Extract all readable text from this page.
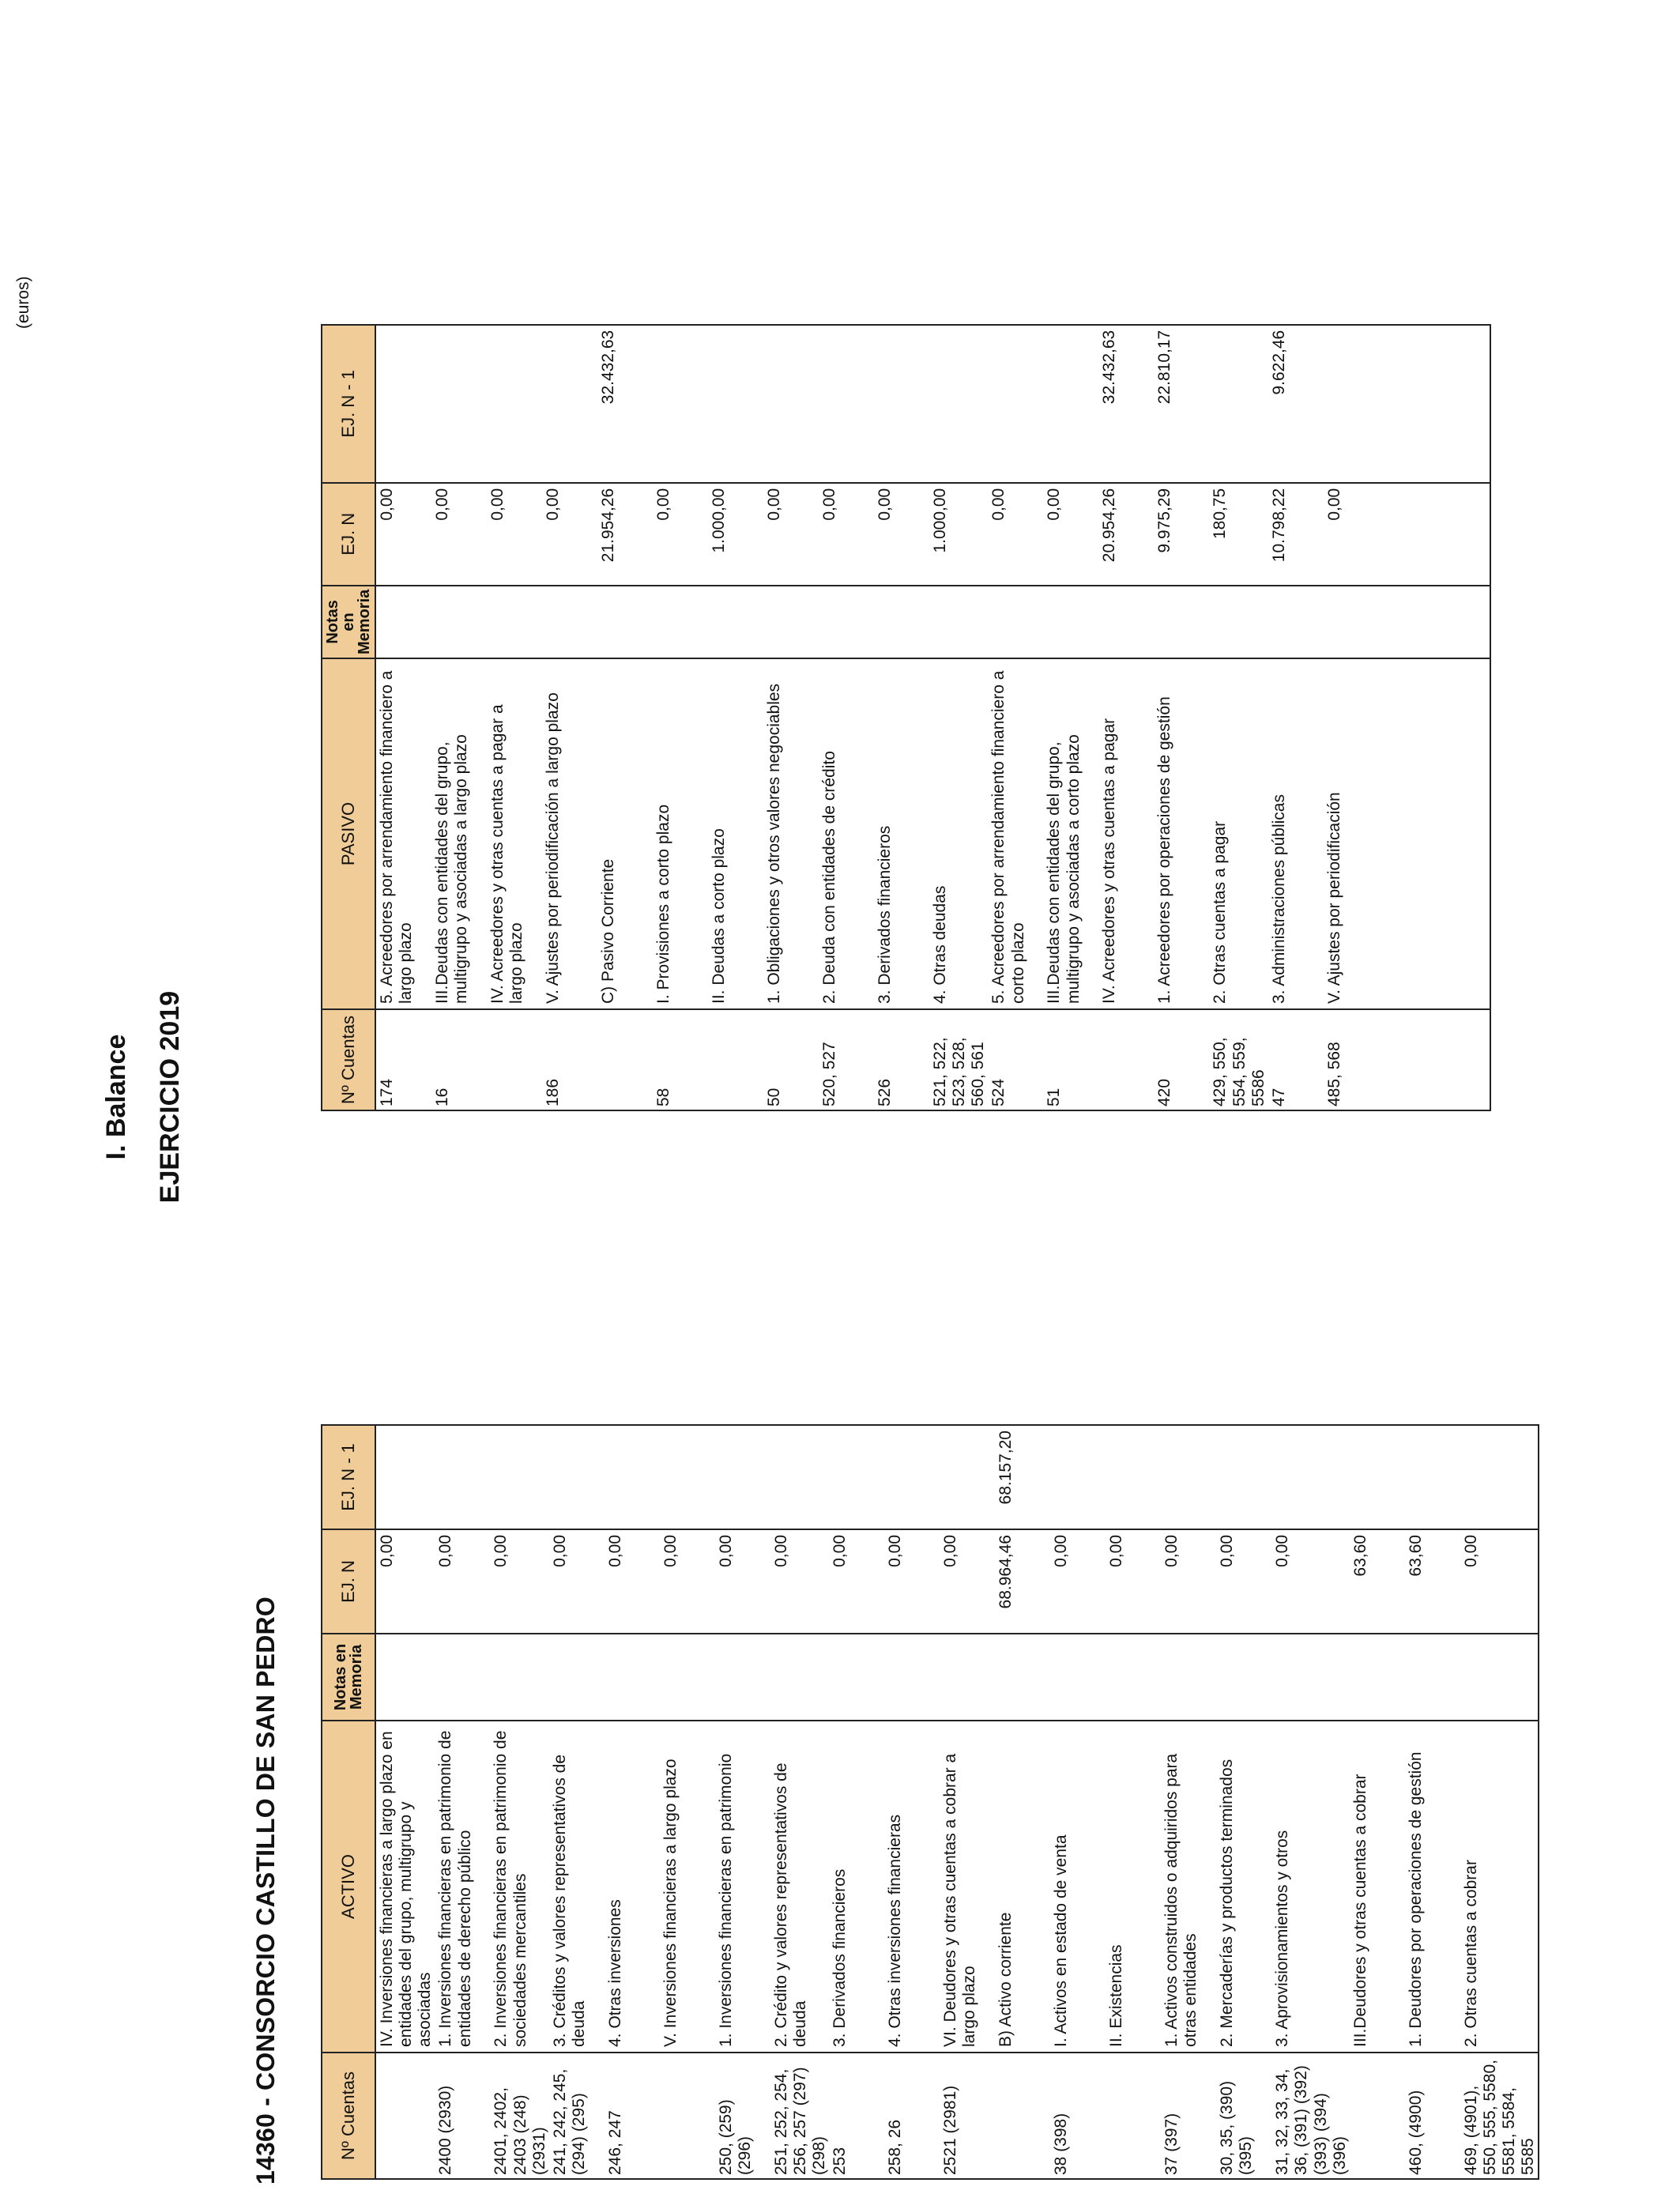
(euros)
I. Balance EJERCICIO 2019
14360 - CONSORCIO CASTILLO DE SAN PEDRO	Nº Cuentas	ACTIVO	Notas en Memoria	EJ. N	EJ. N - 1
	IV. Inversiones financieras a largo plazo en entidades del grupo, multigrupo y asociadas		0,00	
2400 (2930)	1. Inversiones financieras en patrimonio de entidades de derecho público		0,00	
2401, 2402, 2403 (248) (2931)	2. Inversiones financieras en patrimonio de sociedades mercantiles		0,00	
241, 242, 245, (294) (295)	3. Créditos y valores representativos de deuda		0,00	
246, 247	4. Otras inversiones		0,00	
	V. Inversiones financieras a largo plazo		0,00	
250, (259) (296)	1. Inversiones financieras en patrimonio		0,00	
251, 252, 254, 256, 257 (297) (298)	2. Crédito y valores representativos de deuda		0,00	
253	3. Derivados financieros		0,00	
258, 26	4. Otras inversiones financieras		0,00	
2521 (2981)	VI. Deudores y otras cuentas a cobrar a largo plazo		0,00	
	B) Activo corriente		68.964,46	68.157,20
38 (398)	I. Activos en estado de venta		0,00	
	II. Existencias		0,00	
37 (397)	1. Activos construidos o adquiridos para otras entidades		0,00	
30, 35, (390) (395)	2. Mercaderías y productos terminados		0,00	
31, 32, 33, 34, 36, (391) (392) (393) (394) (396)	3. Aprovisionamientos y otros		0,00	
	III.Deudores y otras cuentas a cobrar		63,60	
460, (4900)	1. Deudores por operaciones de gestión		63,60	
469, (4901), 550, 555, 5580, 5581, 5584, 5585	2. Otras cuentas a cobrar		0,00	
Nº Cuentas	PASIVO	Notas en Memoria	EJ. N	EJ. N - 1
174	5. Acreedores por arrendamiento financiero a largo plazo		0,00	
16	III.Deudas con entidades del grupo, multigrupo y asociadas a largo plazo		0,00	
	IV. Acreedores y otras cuentas a pagar a largo plazo		0,00	
186	V. Ajustes por periodificación a largo plazo		0,00	
	C) Pasivo Corriente		21.954,26	32.432,63
58	I. Provisiones a corto plazo		0,00	
	II. Deudas a corto plazo		1.000,00	
50	1. Obligaciones y otros valores negociables		0,00	
520, 527	2. Deuda con entidades de crédito		0,00	
526	3. Derivados financieros		0,00	
521, 522, 523, 528, 560, 561	4. Otras deudas		1.000,00	
524	5. Acreedores por arrendamiento financiero a corto plazo		0,00	
51	III.Deudas con entidades del grupo, multigrupo y asociadas a corto plazo		0,00	
	IV. Acreedores y otras cuentas a pagar		20.954,26	32.432,63
420	1. Acreedores por operaciones de gestión		9.975,29	22.810,17
429, 550, 554, 559, 5586	2. Otras cuentas a pagar		180,75	
47	3. Administraciones públicas		10.798,22	9.622,46
485, 568	V. Ajustes por periodificación		0,00	
